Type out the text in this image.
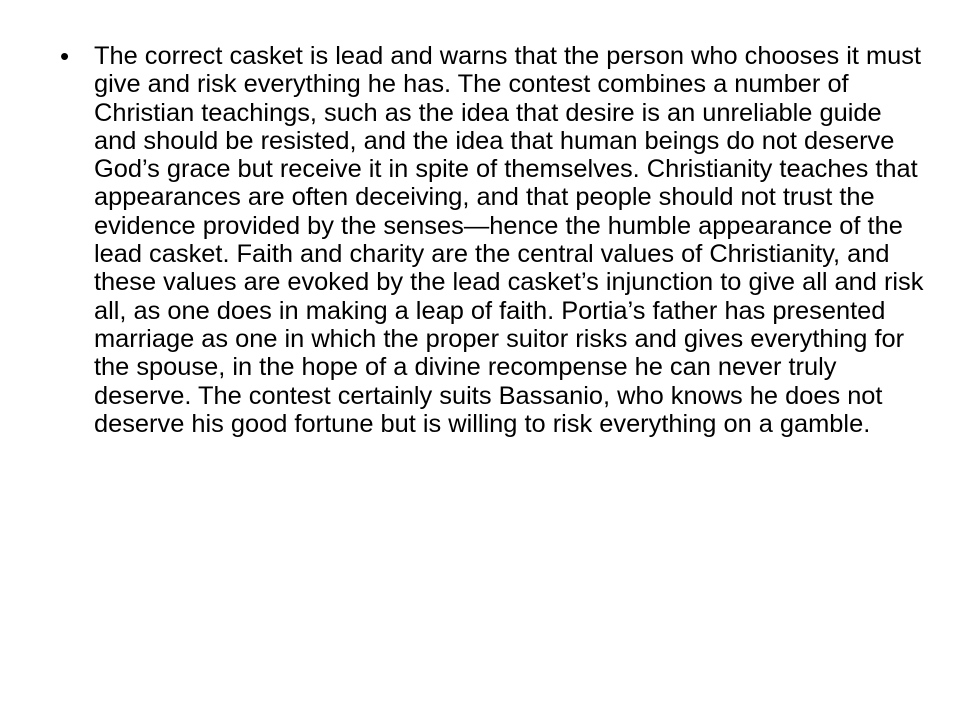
• The correct casket is lead and warns that the person who chooses it must give and risk everything he has. The contest combines a number of Christian teachings, such as the idea that desire is an unreliable guide and should be resisted, and the idea that human beings do not deserve God’s grace but receive it in spite of themselves. Christianity teaches that appearances are often deceiving, and that people should not trust the evidence provided by the senses—hence the humble appearance of the lead casket. Faith and charity are the central values of Christianity, and these values are evoked by the lead casket’s injunction to give all and risk all, as one does in making a leap of faith. Portia’s father has presented marriage as one in which the proper suitor risks and gives everything for the spouse, in the hope of a divine recompense he can never truly deserve. The contest certainly suits Bassanio, who knows he does not deserve his good fortune but is willing to risk everything on a gamble.
